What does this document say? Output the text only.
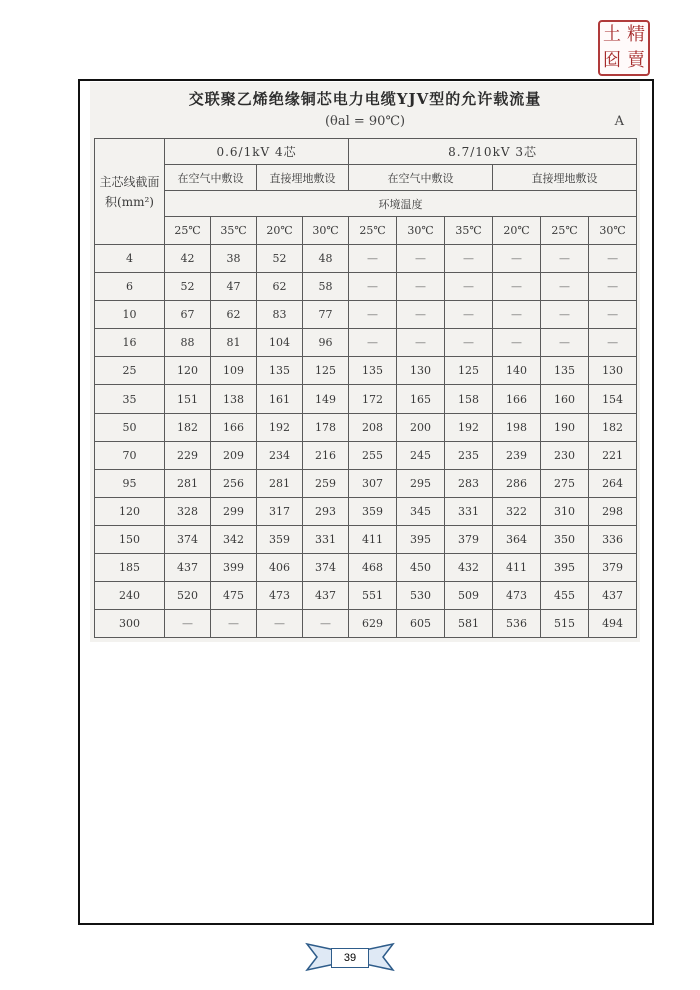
土 精
囵 賣
交联聚乙烯绝缘铜芯电力电缆YJV型的允许载流量
(θal = 90℃)	A
主芯线截面积(mm²)	0.6/1kV 4芯				8.7/10kV 3芯					
	在空气中敷设		直接埋地敷设		在空气中敷设			直接埋地敷设		
	环境温度									
	25℃	35℃	20℃	30℃	25℃	30℃	35℃	20℃	25℃	30℃
4	42	38	52	48	—	—	—	—	—	—
6	52	47	62	58	—	—	—	—	—	—
10	67	62	83	77	—	—	—	—	—	—
16	88	81	104	96	—	—	—	—	—	—
25	120	109	135	125	135	130	125	140	135	130
35	151	138	161	149	172	165	158	166	160	154
50	182	166	192	178	208	200	192	198	190	182
70	229	209	234	216	255	245	235	239	230	221
95	281	256	281	259	307	295	283	286	275	264
120	328	299	317	293	359	345	331	322	310	298
150	374	342	359	331	411	395	379	364	350	336
185	437	399	406	374	468	450	432	411	395	379
240	520	475	473	437	551	530	509	473	455	437
300	—	—	—	—	629	605	581	536	515	494
39
